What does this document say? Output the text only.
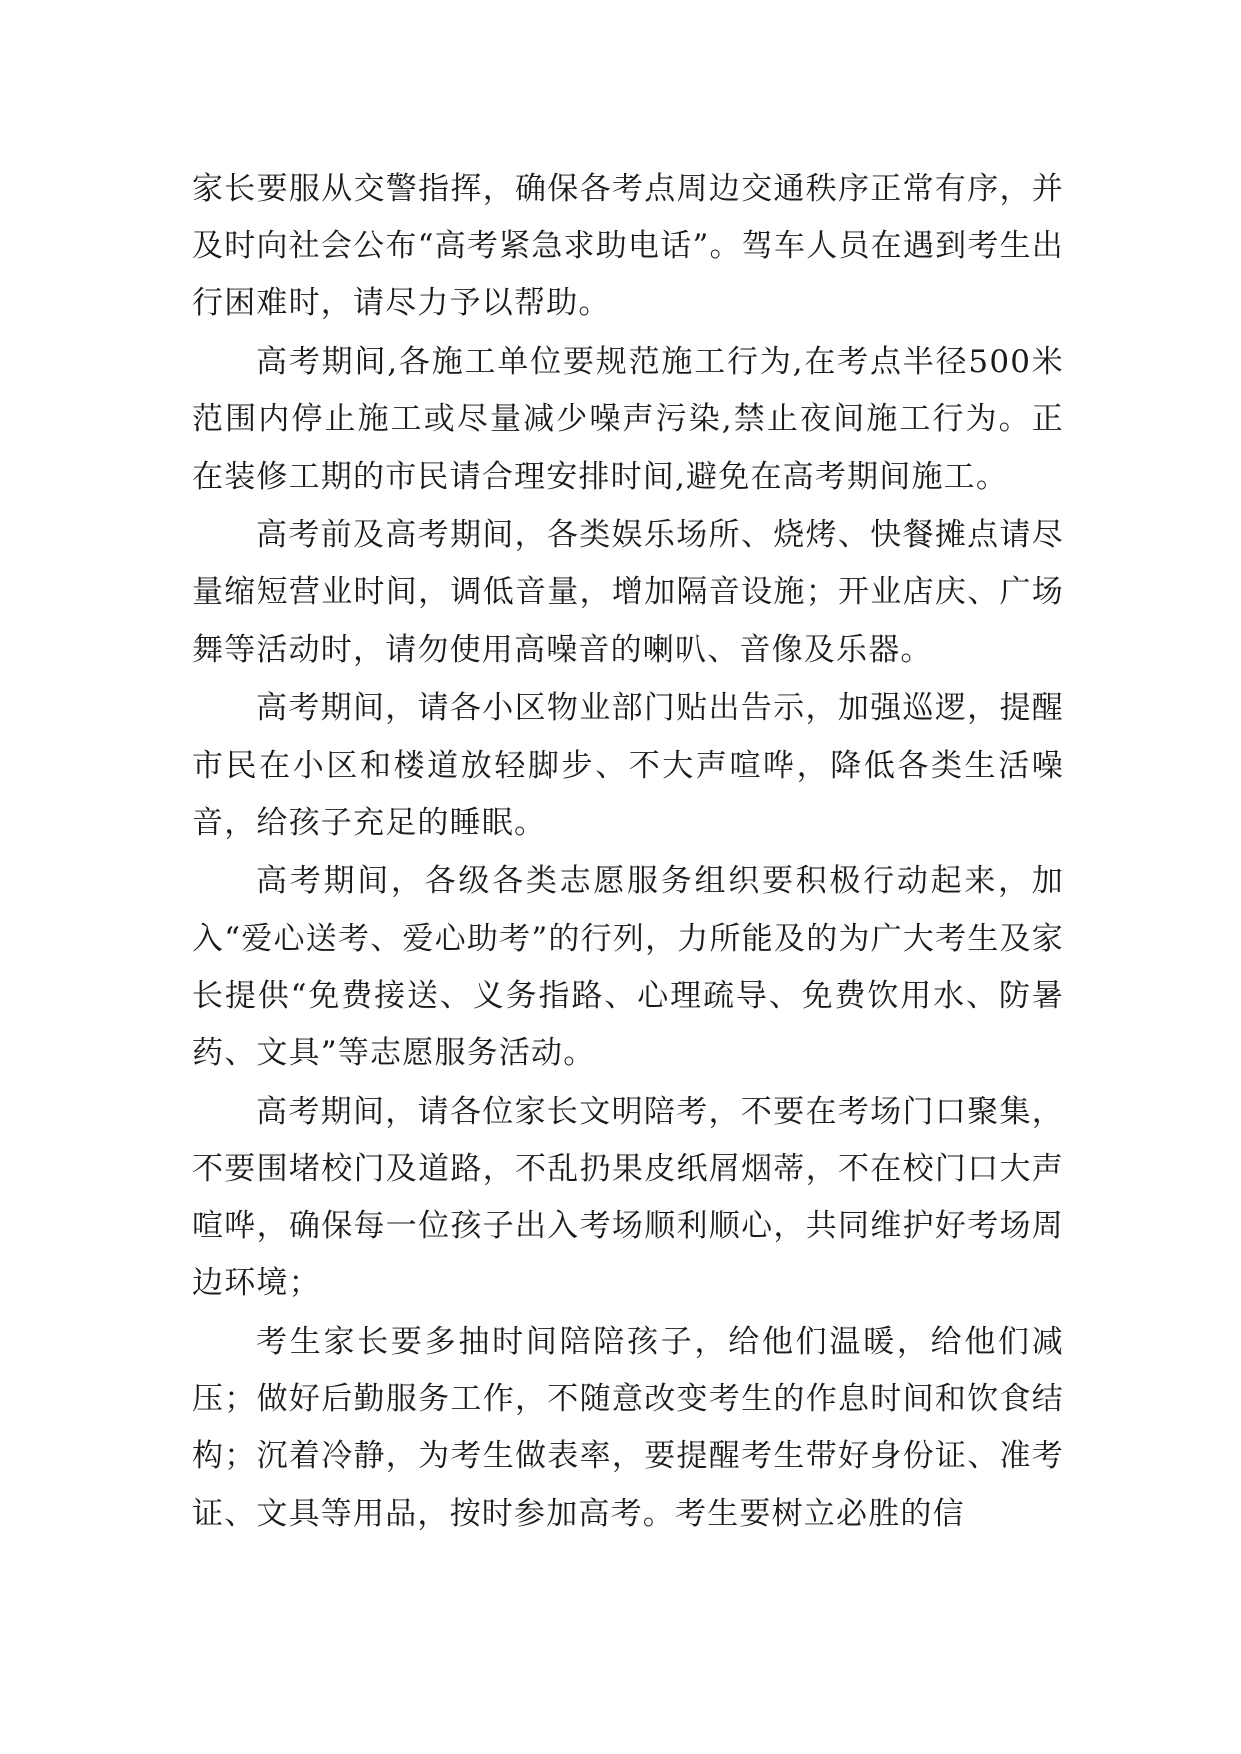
家长要服从交警指挥，确保各考点周边交通秩序正常有序，并及时向社会公布“高考紧急求助电话”。驾车人员在遇到考生出行困难时，请尽力予以帮助。

高考期间,各施工单位要规范施工行为,在考点半径500米范围内停止施工或尽量减少噪声污染,禁止夜间施工行为。正在装修工期的市民请合理安排时间,避免在高考期间施工。

高考前及高考期间，各类娱乐场所、烧烤、快餐摊点请尽量缩短营业时间，调低音量，增加隔音设施；开业店庆、广场舞等活动时，请勿使用高噪音的喇叭、音像及乐器。

高考期间，请各小区物业部门贴出告示，加强巡逻，提醒市民在小区和楼道放轻脚步、不大声喧哗，降低各类生活噪音，给孩子充足的睡眠。

高考期间，各级各类志愿服务组织要积极行动起来，加入“爱心送考、爱心助考”的行列，力所能及的为广大考生及家长提供“免费接送、义务指路、心理疏导、免费饮用水、防暑药、文具”等志愿服务活动。

高考期间，请各位家长文明陪考，不要在考场门口聚集，不要围堵校门及道路，不乱扔果皮纸屑烟蒂，不在校门口大声喧哗，确保每一位孩子出入考场顺利顺心，共同维护好考场周边环境；

考生家长要多抽时间陪陪孩子，给他们温暖，给他们减压；做好后勤服务工作，不随意改变考生的作息时间和饮食结构；沉着冷静，为考生做表率，要提醒考生带好身份证、准考证、文具等用品，按时参加高考。考生要树立必胜的信
